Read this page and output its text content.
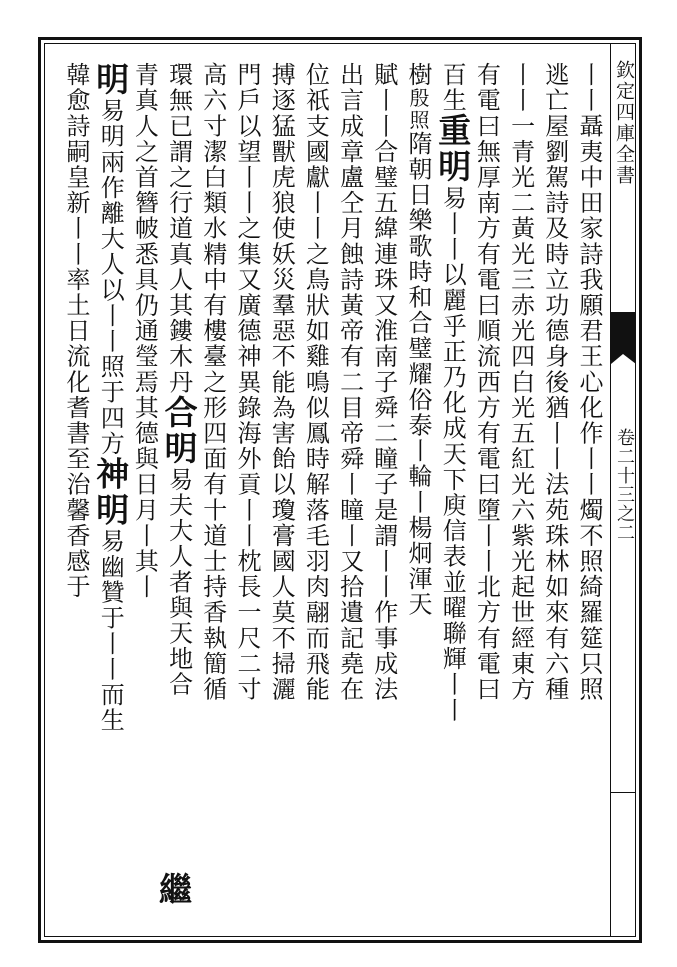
欽定四庫全書
卷二十三之二
丨丨聶夷中田家詩我願君王心化作丨丨燭不照綺羅筵只照
逃亡屋劉駕詩及時立功德身後猶丨丨法苑珠林如來有六種
丨丨一青光二黃光三赤光四白光五紅光六紫光起世經東方
有電曰無厚南方有電曰順流西方有電曰墮丨丨北方有電曰
百生重明易丨丨以麗乎正乃化成天下庾信表並曜聯輝丨丨
樹殷照隋朝日樂歌時和合璧耀俗泰丨輪丨楊炯渾天
賦丨丨合璧五緯連珠又淮南子舜二瞳子是謂丨丨作事成法
出言成章盧仝月蝕詩黃帝有二目帝舜丨瞳丨又拾遺記堯在
位祇支國獻丨丨之鳥狀如雞鳴似鳳時解落毛羽肉翮而飛能
搏逐猛獸虎狼使妖災羣惡不能為害飴以瓊膏國人莫不掃灑
門戶以望丨丨之集又廣德神異錄海外貢丨丨枕長一尺二寸
高六寸潔白類水精中有樓臺之形四面有十道士持香執簡循
環無已謂之行道真人其鏤木丹合明易夫大人者與天地合
青真人之首簪帔悉具仍通瑩焉其德與日月丨其丨
明易明兩作離大人以丨丨照于四方神明易幽贊于丨丨而生
韓愈詩嗣皇新丨丨率土日流化耆書至治馨香感于
繼
